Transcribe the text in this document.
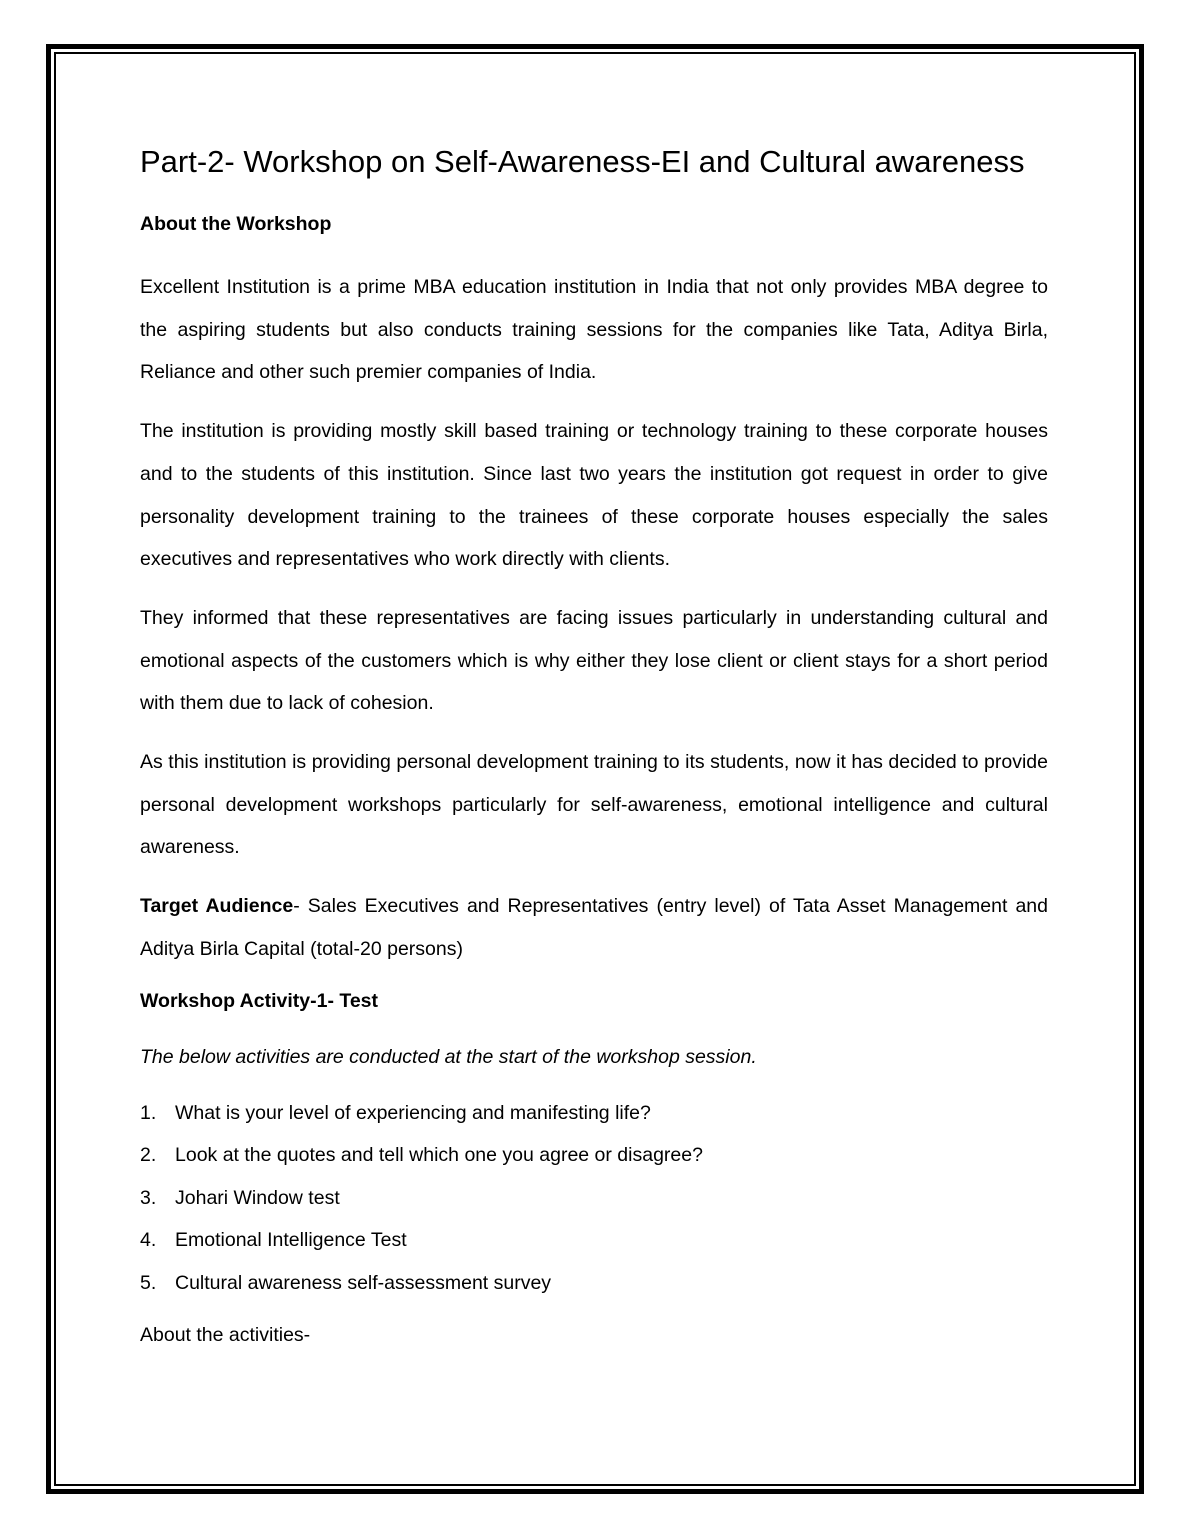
Part-2- Workshop on Self-Awareness-EI and Cultural awareness

About the Workshop

Excellent Institution is a prime MBA education institution in India that not only provides MBA degree to the aspiring students but also conducts training sessions for the companies like Tata, Aditya Birla, Reliance and other such premier companies of India.

The institution is providing mostly skill based training or technology training to these corporate houses and to the students of this institution. Since last two years the institution got request in order to give personality development training to the trainees of these corporate houses especially the sales executives and representatives who work directly with clients.

They informed that these representatives are facing issues particularly in understanding cultural and emotional aspects of the customers which is why either they lose client or client stays for a short period with them due to lack of cohesion.

As this institution is providing personal development training to its students, now it has decided to provide personal development workshops particularly for self-awareness, emotional intelligence and cultural awareness.

Target Audience- Sales Executives and Representatives (entry level) of Tata Asset Management and Aditya Birla Capital (total-20 persons)

Workshop Activity-1- Test

The below activities are conducted at the start of the workshop session.

1. What is your level of experiencing and manifesting life?
2. Look at the quotes and tell which one you agree or disagree?
3. Johari Window test
4. Emotional Intelligence Test
5. Cultural awareness self-assessment survey

About the activities-
